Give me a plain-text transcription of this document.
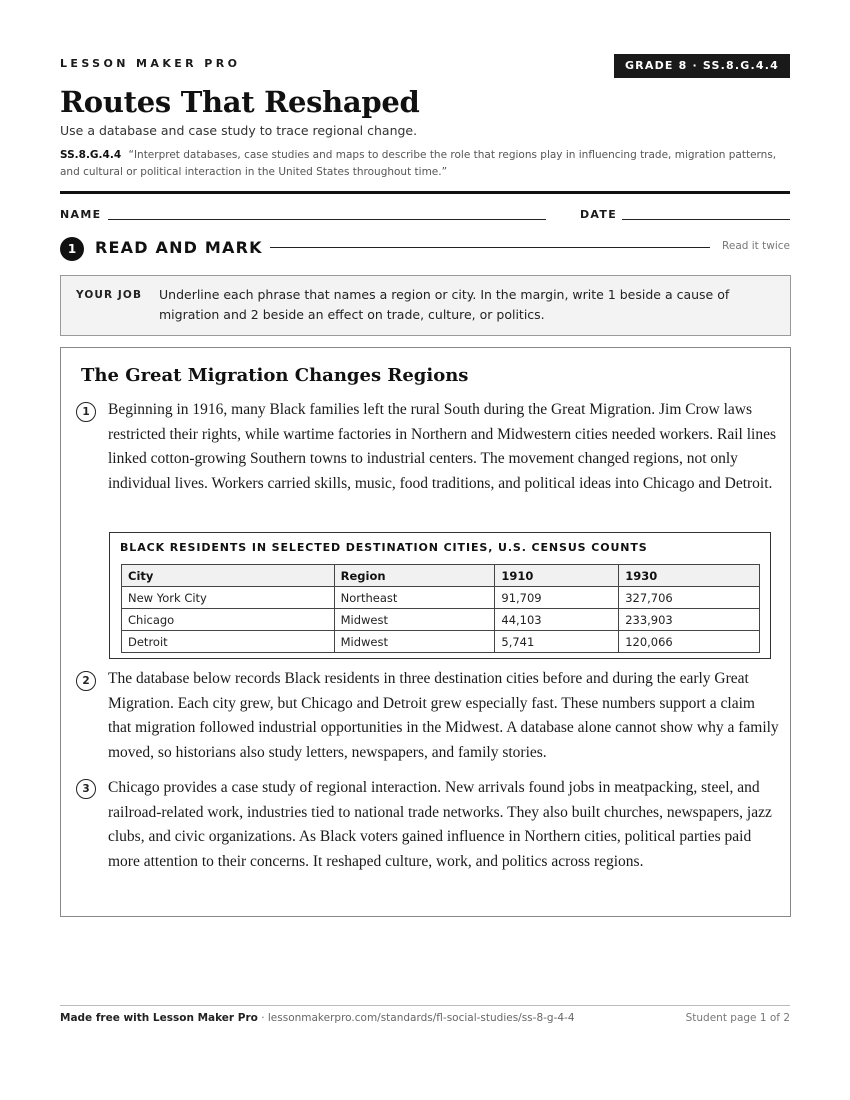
LESSON MAKER PRO	GRADE 8 · SS.8.G.4.4
Routes That Reshaped
Use a database and case study to trace regional change.
SS.8.G.4.4 “Interpret databases, case studies and maps to describe the role that regions play in influencing trade, migration patterns, and cultural or political interaction in the United States throughout time.”
NAME	DATE
1	READ AND MARK	Read it twice
YOUR JOB Underline each phrase that names a region or city. In the margin, write 1 beside a cause of migration and 2 beside an effect on trade, culture, or politics.
The Great Migration Changes Regions
1	Beginning in 1916, many Black families left the rural South during the Great Migration. Jim Crow laws restricted their rights, while wartime factories in Northern and Midwestern cities needed workers. Rail lines linked cotton-growing Southern towns to industrial centers. The movement changed regions, not only individual lives. Workers carried skills, music, food traditions, and political ideas into Chicago and Detroit.

BLACK RESIDENTS IN SELECTED DESTINATION CITIES, U.S. CENSUS COUNTS
City	Region	1910	1930
New York City	Northeast	91,709	327,706
Chicago	Midwest	44,103	233,903
Detroit	Midwest	5,741	120,066
2	The database below records Black residents in three destination cities before and during the early Great Migration. Each city grew, but Chicago and Detroit grew especially fast. These numbers support a claim that migration followed industrial opportunities in the Midwest. A database alone cannot show why a family moved, so historians also study letters, newspapers, and family stories.

3	Chicago provides a case study of regional interaction. New arrivals found jobs in meatpacking, steel, and railroad-related work, industries tied to national trade networks. They also built churches, newspapers, jazz clubs, and civic organizations. As Black voters gained influence in Northern cities, political parties paid more attention to their concerns. It reshaped culture, work, and politics across regions.

Made free with Lesson Maker Pro · lessonmakerpro.com/standards/fl-social-studies/ss-8-g-4-4	Student page 1 of 2
